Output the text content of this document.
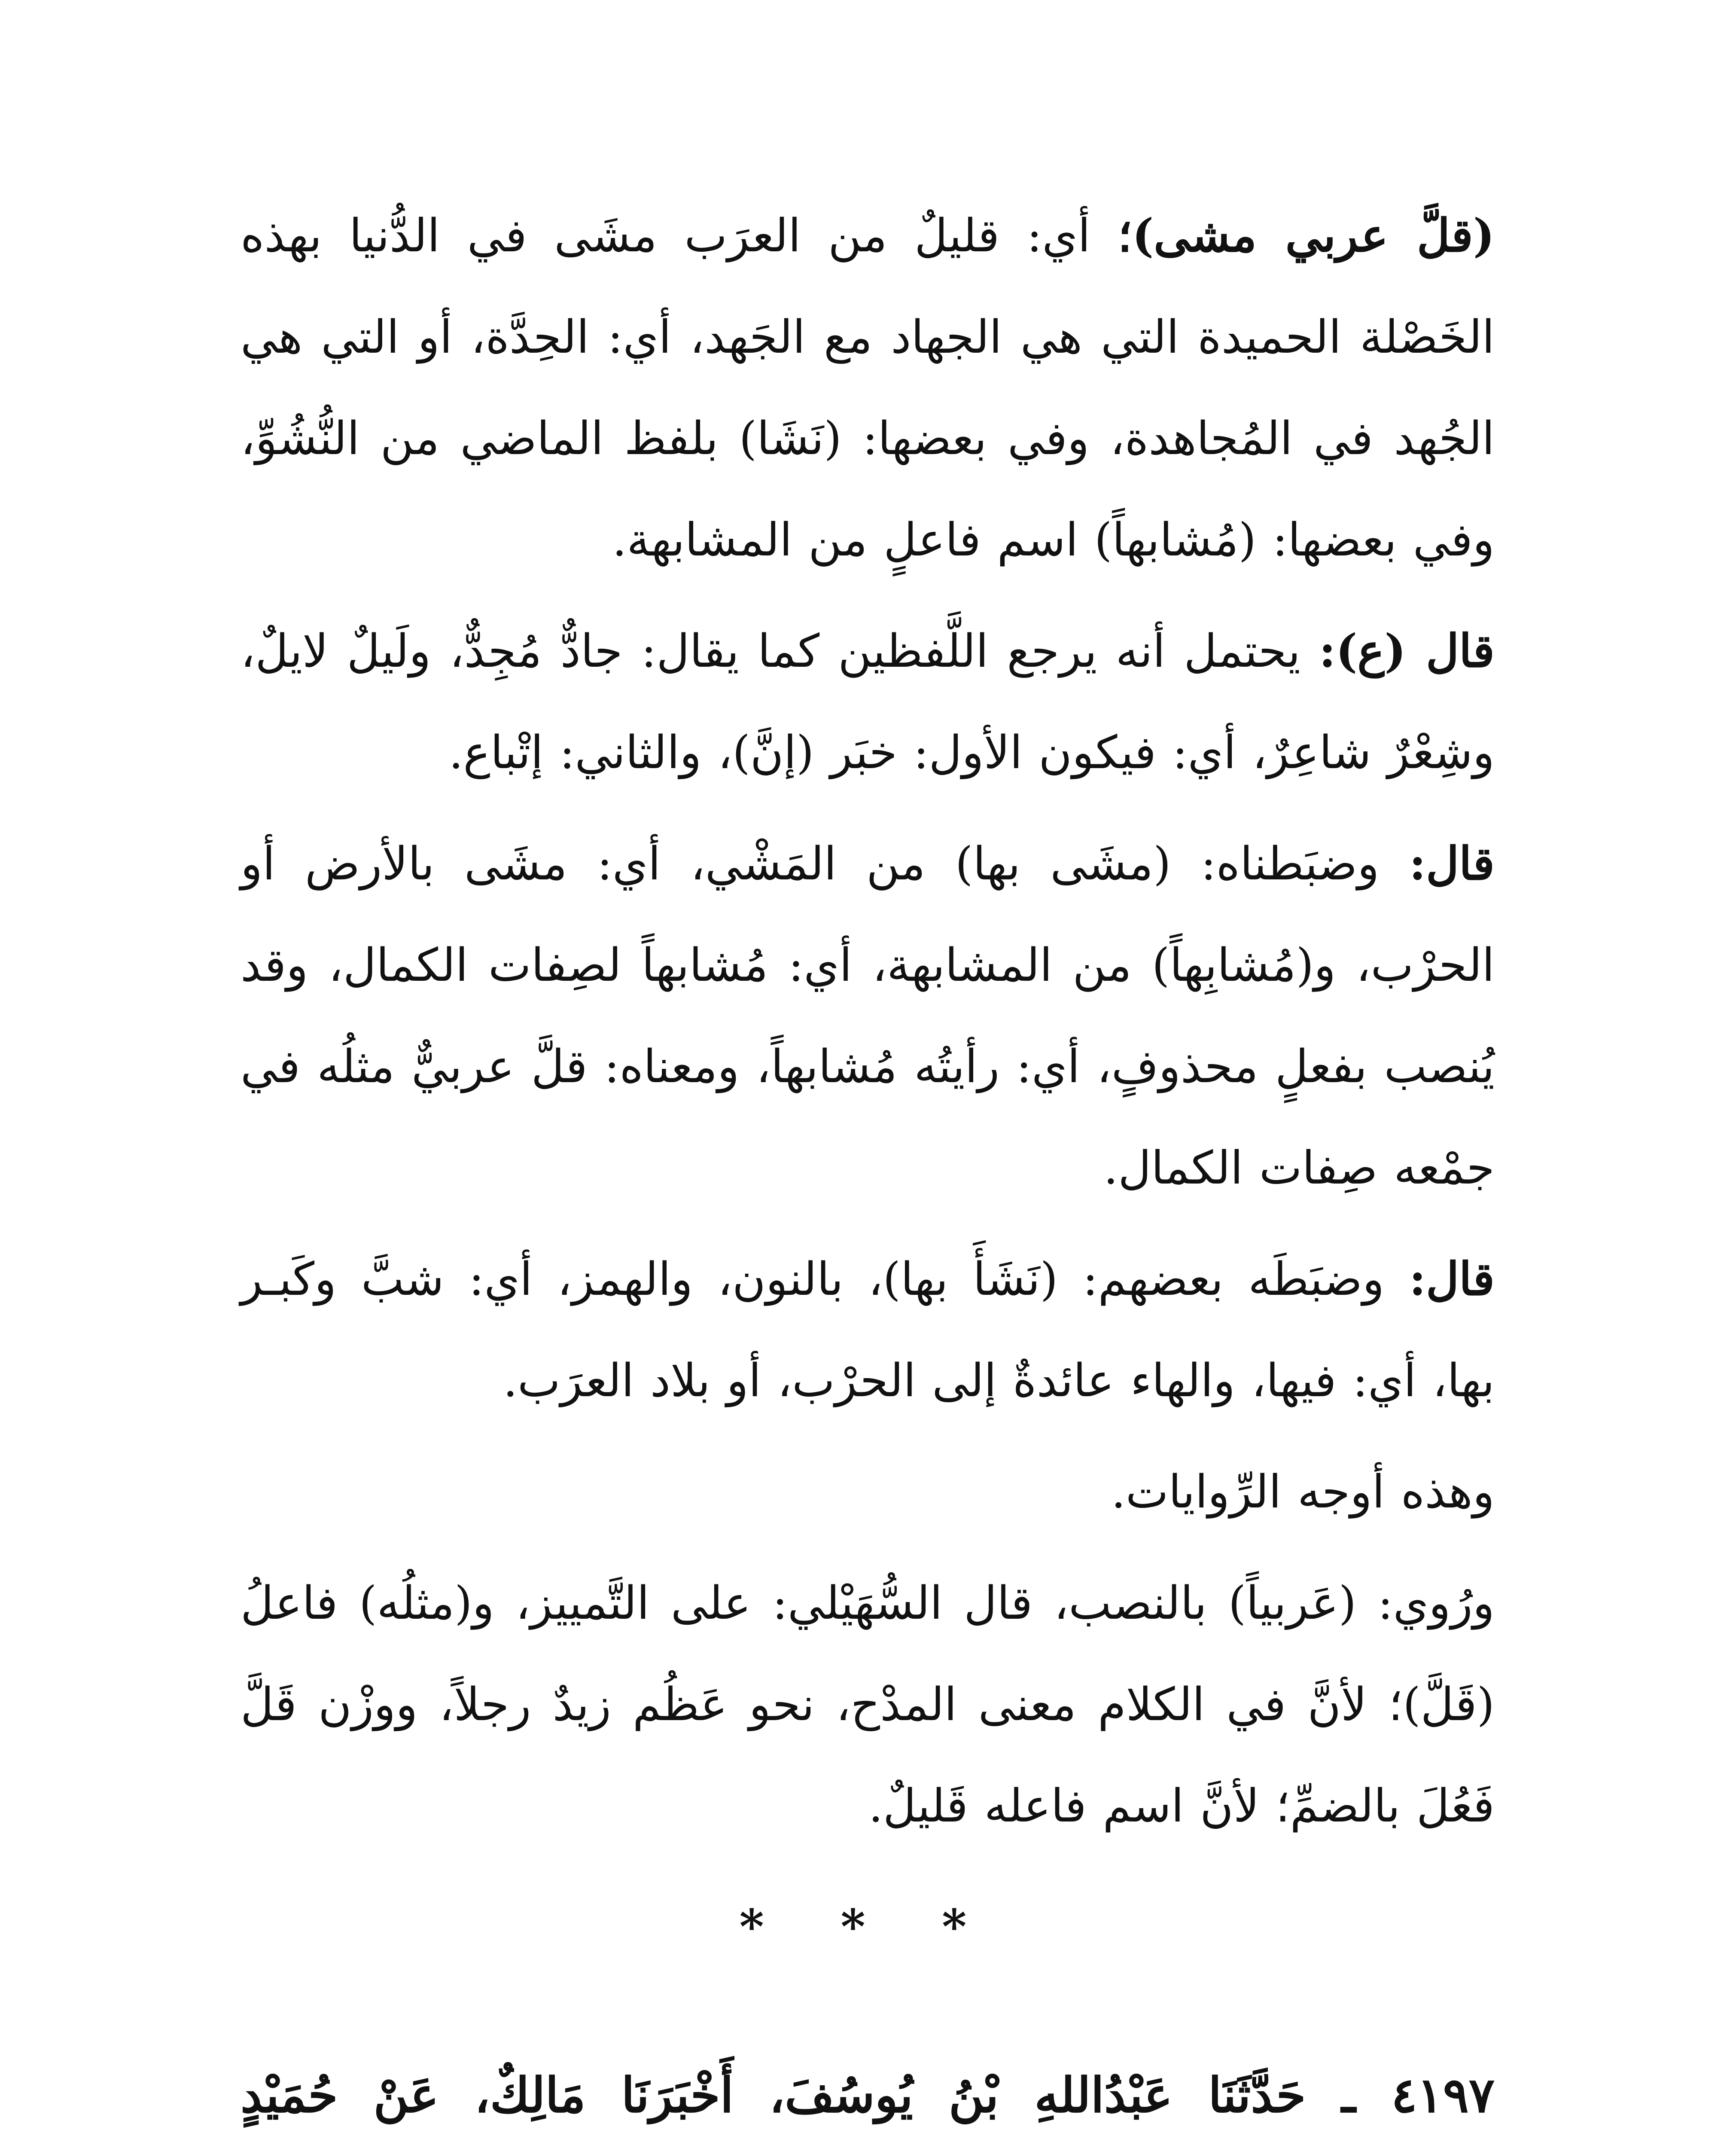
(قلَّ عربي مشى)؛ أي: قليلٌ من العرَب مشَى في الدُّنيا بهذه الخَصْلة الحميدة التي هي الجهاد مع الجَهد، أي: الحِدَّة، أو التي هي الجُهد في المُجاهدة، وفي بعضها: (نَشَا) بلفظ الماضي من النُّشُوِّ، وفي بعضها: (مُشابهاً) اسم فاعلٍ من المشابهة.

قال (ع): يحتمل أنه يرجع اللَّفظين كما يقال: جادٌّ مُجِدٌّ، ولَيلٌ لايلٌ، وشِعْرٌ شاعِرٌ، أي: فيكون الأول: خبَر (إنَّ)، والثاني: إتْباع.

قال: وضبَطناه: (مشَى بها) من المَشْي، أي: مشَى بالأرض أو الحرْب، و(مُشابِهاً) من المشابهة، أي: مُشابهاً لصِفات الكمال، وقد يُنصب بفعلٍ محذوفٍ، أي: رأيتُه مُشابهاً، ومعناه: قلَّ عربيٌّ مثلُه في جمْعه صِفات الكمال.

قال: وضبَطَه بعضهم: (نَشَأَ بها)، بالنون، والهمز، أي: شبَّ وكَبـر بها، أي: فيها، والهاء عائدةٌ إلى الحرْب، أو بلاد العرَب.

وهذه أوجه الرِّوايات.

ورُوي: (عَربياً) بالنصب، قال السُّهَيْلي: على التَّمييز، و(مثلُه) فاعلُ (قَلَّ)؛ لأنَّ في الكلام معنى المدْح، نحو عَظُم زيدٌ رجلاً، ووزْن قَلَّ فَعُلَ بالضمِّ؛ لأنَّ اسم فاعله قَليلٌ.

* * *
٤١٩٧ ـ حَدَّثَنَا عَبْدُاللهِ بْنُ يُوسُفَ، أَخْبَرَنَا مَالِكٌ، عَنْ حُمَيْدٍ
